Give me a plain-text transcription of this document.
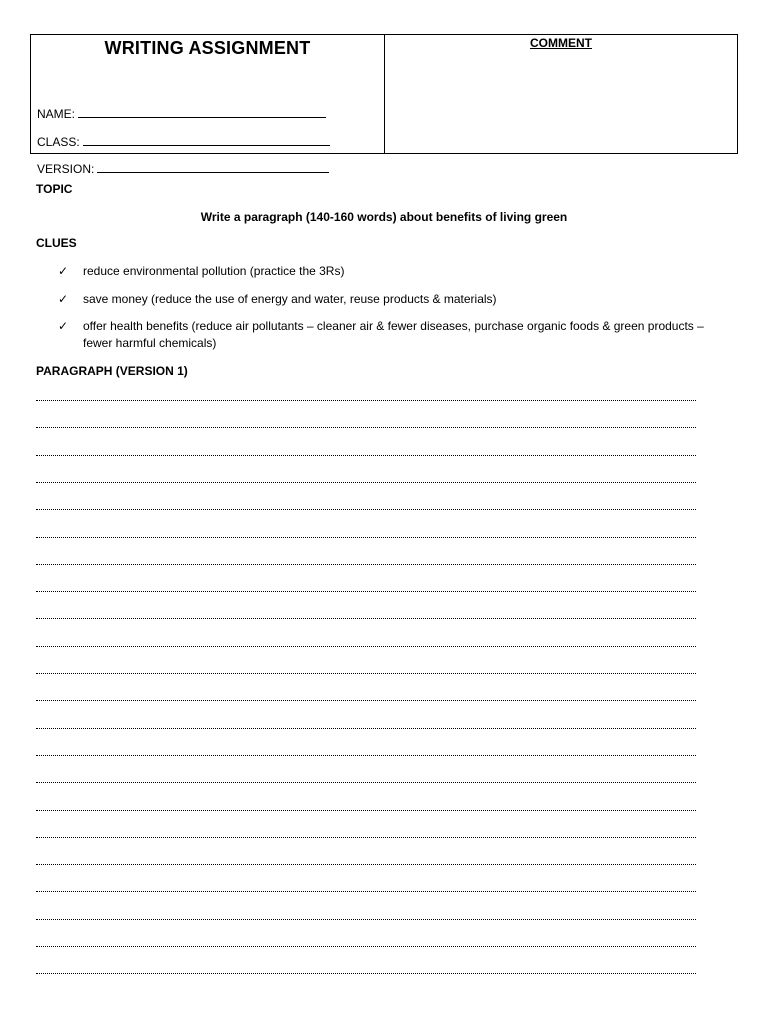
WRITING ASSIGNMENT
NAME:
CLASS:
VERSION:
COMMENT
TOPIC
Write a paragraph (140-160 words) about benefits of living green
CLUES
✓	reduce environmental pollution (practice the 3Rs)
✓	save money (reduce the use of energy and water, reuse products & materials)
✓	offer health benefits (reduce air pollutants – cleaner air & fewer diseases, purchase organic foods & green products – fewer harmful chemicals)
PARAGRAPH (VERSION 1)
